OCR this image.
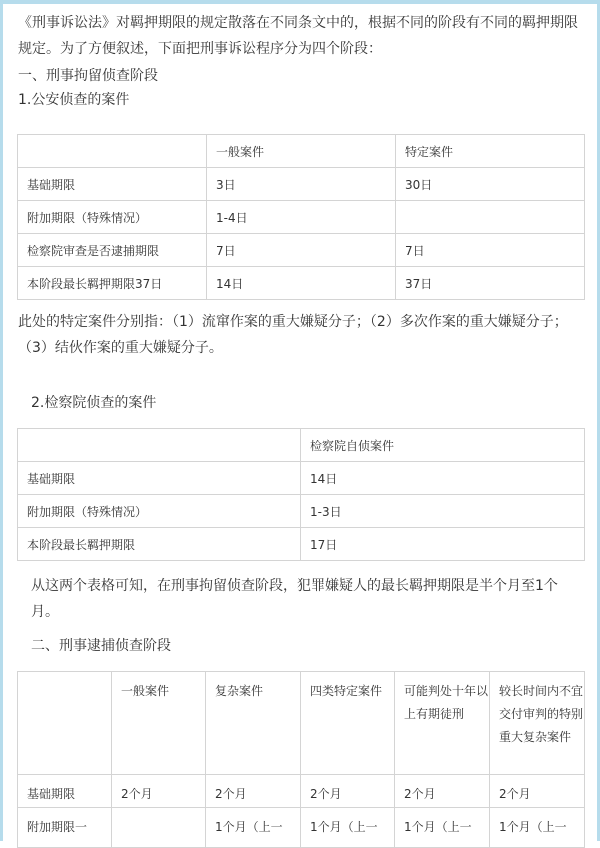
《刑事诉讼法》对羁押期限的规定散落在不同条文中的，根据不同的阶段有不同的羁押期限规定。为了方便叙述，下面把刑事诉讼程序分为四个阶段：

一、刑事拘留侦查阶段

1.公安侦查的案件

	一般案件	特定案件
基础期限	3日	30日
附加期限（特殊情况）	1-4日	
检察院审查是否逮捕期限	7日	7日
本阶段最长羁押期限37日	14日	37日

此处的特定案件分别指：（1）流窜作案的重大嫌疑分子；（2）多次作案的重大嫌疑分子；（3）结伙作案的重大嫌疑分子。

2.检察院侦查的案件

	检察院自侦案件
基础期限	14日
附加期限（特殊情况）	1-3日
本阶段最长羁押期限	17日

从这两个表格可知，在刑事拘留侦查阶段，犯罪嫌疑人的最长羁押期限是半个月至1个月。

二、刑事逮捕侦查阶段

	一般案件	复杂案件	四类特定案件	可能判处十年以上有期徒刑	较长时间内不宜交付审判的特别重大复杂案件
基础期限	2个月	2个月	2个月	2个月	2个月
附加期限一		1个月（上一	1个月（上一	1个月（上一	1个月（上一
